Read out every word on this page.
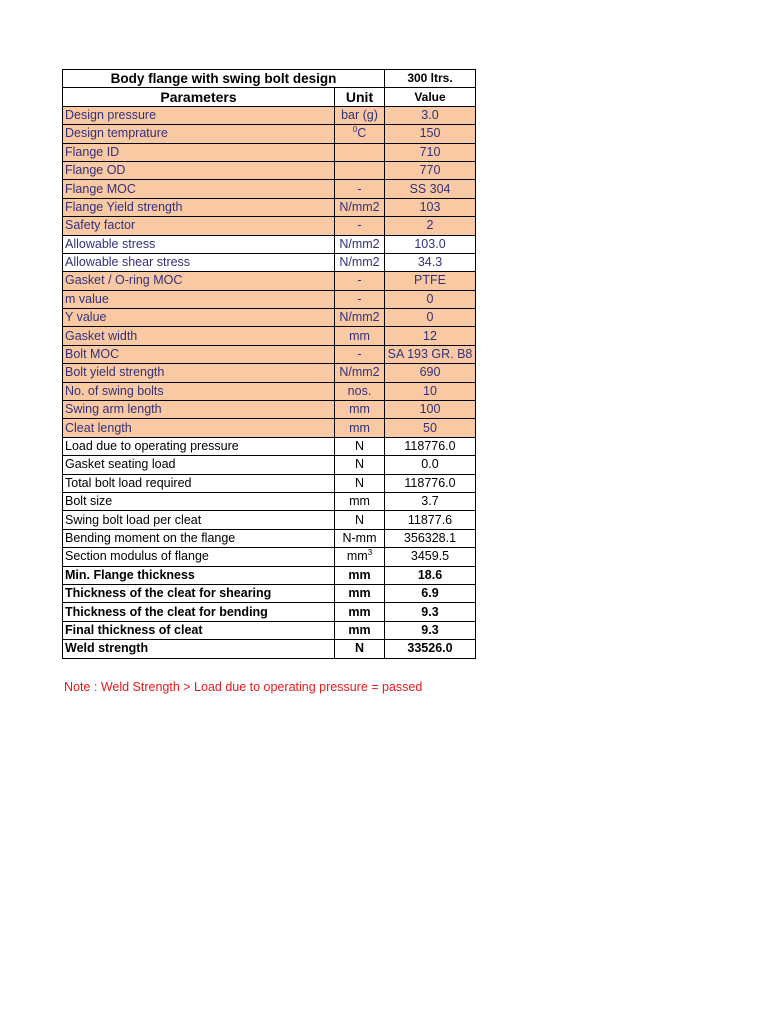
Body flange with swing bolt design		300 ltrs.
Parameters	Unit	Value
Design pressure	bar (g)	3.0
Design temprature	$^0$C	150
Flange ID		710
Flange OD		770
Flange MOC	-	SS 304
Flange Yield strength	N/mm2	103
Safety factor	-	2
Allowable stress	N/mm2	103.0
Allowable shear stress	N/mm2	34.3
Gasket / O-ring MOC	-	PTFE
m value	-	0
Y value	N/mm2	0
Gasket width	mm	12
Bolt MOC	-	SA 193 GR. B8
Bolt yield strength	N/mm2	690
No. of swing bolts	nos.	10
Swing arm length	mm	100
Cleat length	mm	50
Load due to operating pressure	N	118776.0
Gasket seating load	N	0.0
Total bolt load required	N	118776.0
Bolt size	mm	3.7
Swing bolt load per cleat	N	11877.6
Bending moment on the flange	N-mm	356328.1
Section modulus of flange	$mm^3$	3459.5
Min. Flange thickness	mm	18.6
Thickness of the cleat for shearing	mm	6.9
Thickness of the cleat for bending	mm	9.3
Final thickness of cleat	mm	9.3
Weld strength	N	33526.0
Note : Weld Strength > Load due to operating pressure = passed
